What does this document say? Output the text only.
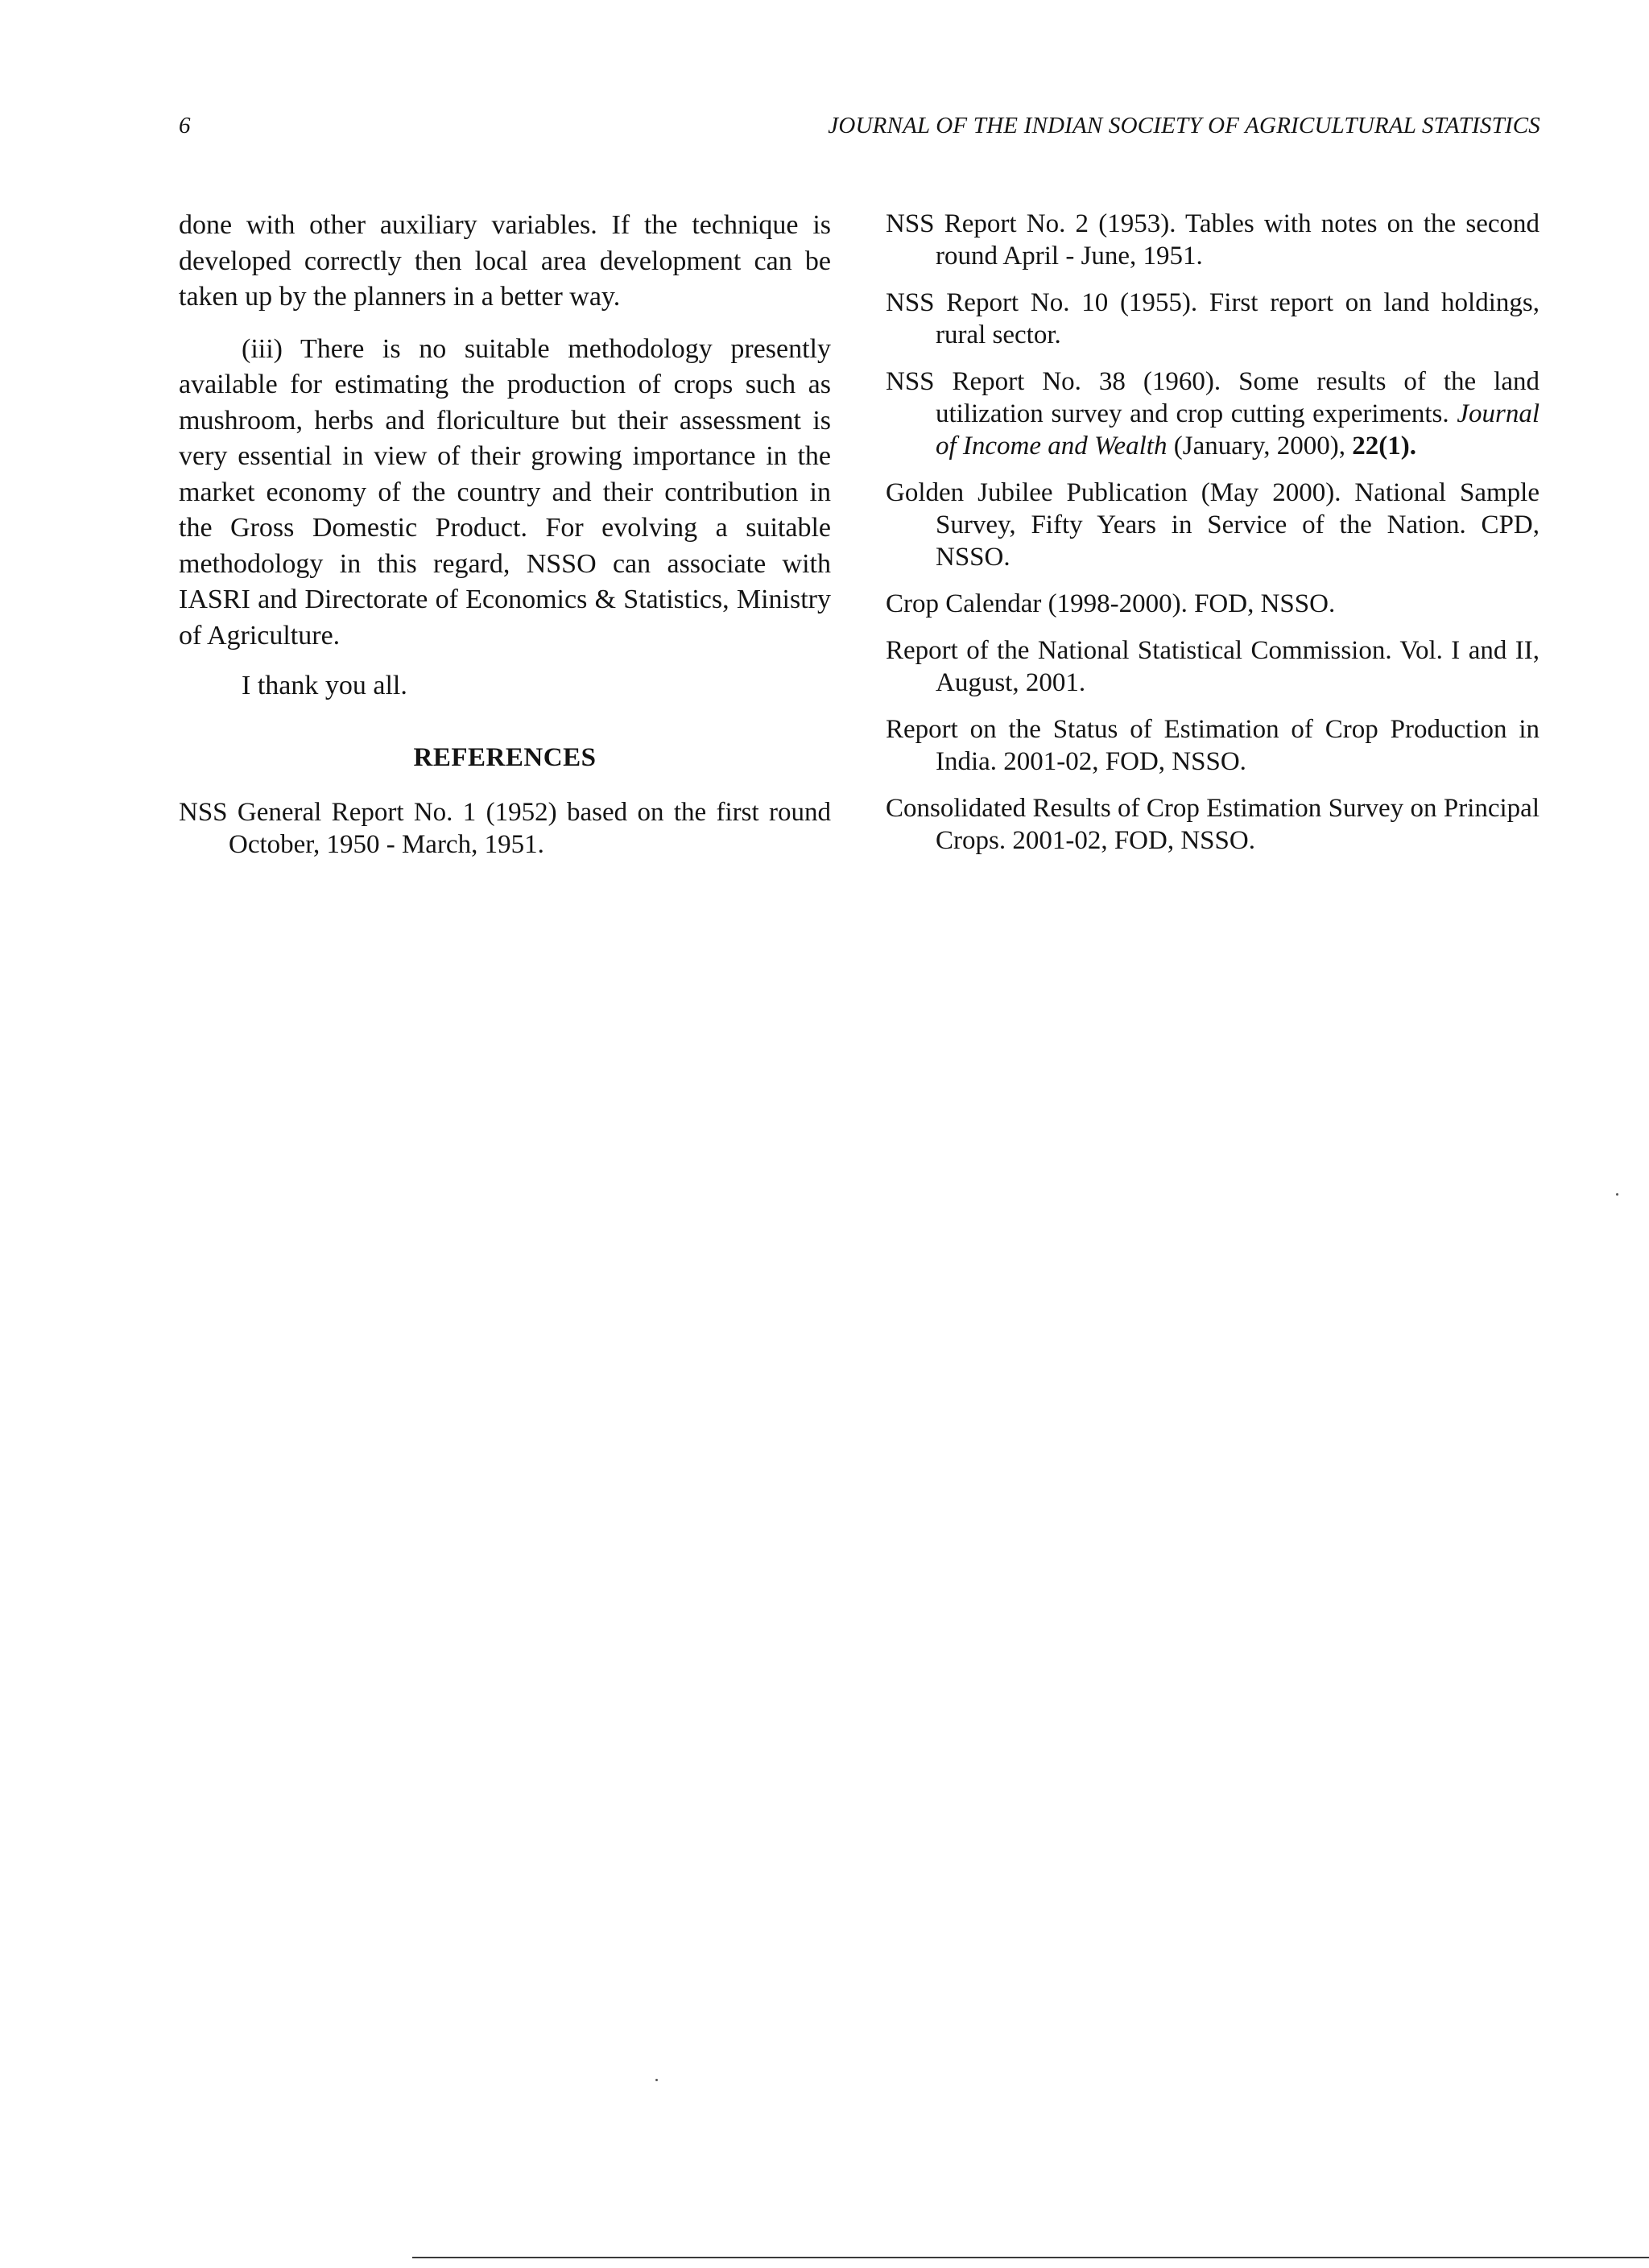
6	JOURNAL OF THE INDIAN SOCIETY OF AGRICULTURAL STATISTICS

done with other auxiliary variables. If the technique is developed correctly then local area development can be taken up by the planners in a better way.

(iii) There is no suitable methodology presently available for estimating the production of crops such as mushroom, herbs and floriculture but their assessment is very essential in view of their growing importance in the market economy of the country and their contribution in the Gross Domestic Product. For evolving a suitable methodology in this regard, NSSO can associate with IASRI and Directorate of Economics & Statistics, Ministry of Agriculture.

I thank you all.

REFERENCES

NSS General Report No. 1 (1952) based on the first round October, 1950 - March, 1951.

NSS Report No. 2 (1953). Tables with notes on the second round April - June, 1951.

NSS Report No. 10 (1955). First report on land holdings, rural sector.

NSS Report No. 38 (1960). Some results of the land utilization survey and crop cutting experiments. Journal of Income and Wealth (January, 2000), 22(1).

Golden Jubilee Publication (May 2000). National Sample Survey, Fifty Years in Service of the Nation. CPD, NSSO.

Crop Calendar (1998-2000). FOD, NSSO.

Report of the National Statistical Commission. Vol. I and II, August, 2001.

Report on the Status of Estimation of Crop Production in India. 2001-02, FOD, NSSO.

Consolidated Results of Crop Estimation Survey on Principal Crops. 2001-02, FOD, NSSO.
